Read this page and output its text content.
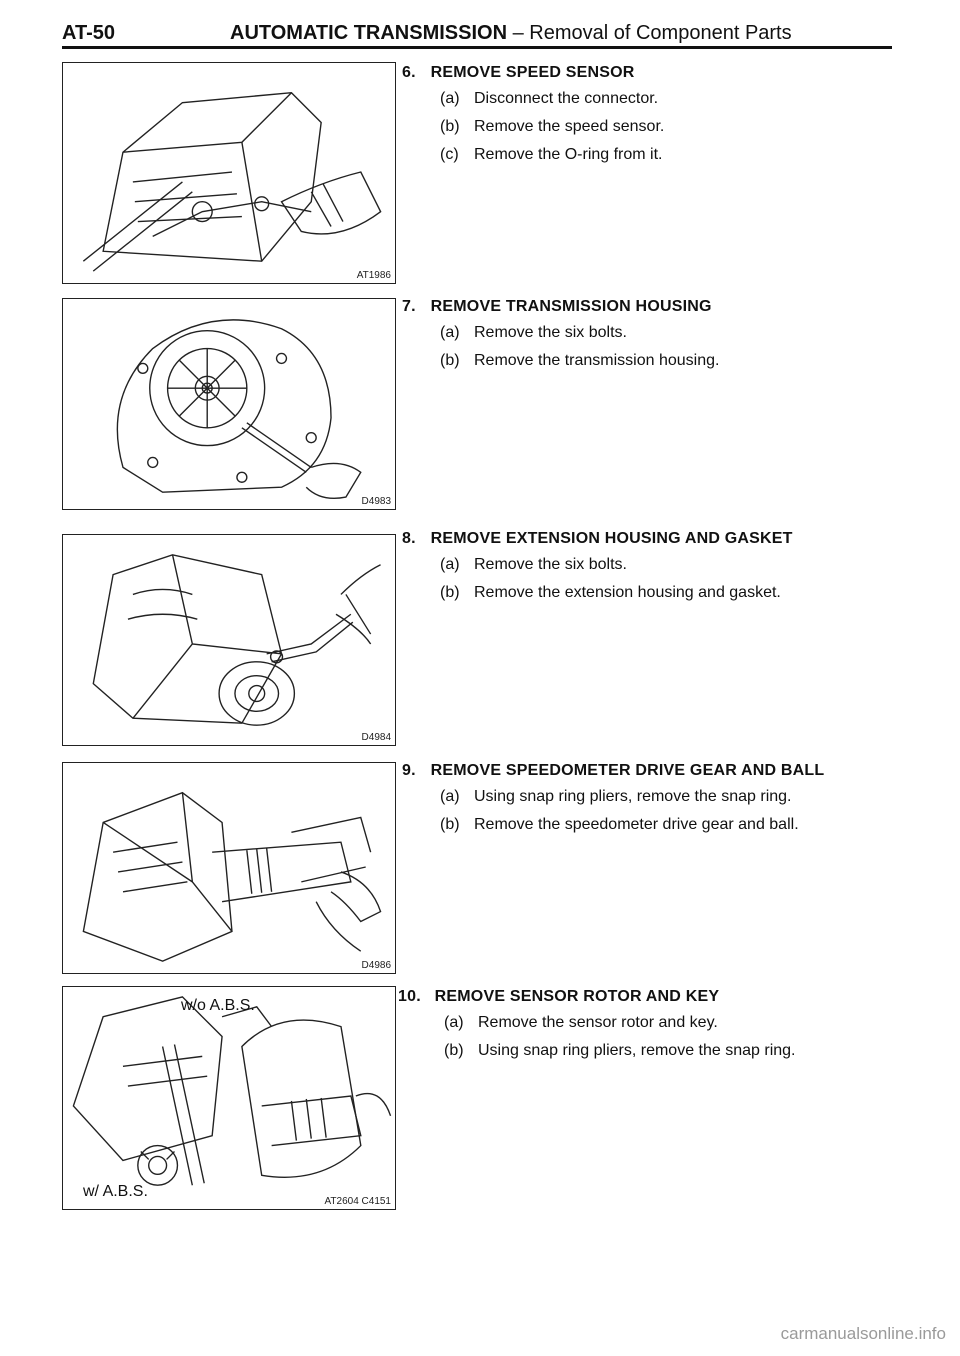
AT-50	AUTOMATIC TRANSMISSION – Removal of Component Parts
AT1986
D4983
D4984
D4986
w/o A.B.S.
w/ A.B.S.
AT2604 C4151
6. REMOVE SPEED SENSOR
(a) Disconnect the connector.
(b) Remove the speed sensor.
(c) Remove the O-ring from it.
7. REMOVE TRANSMISSION HOUSING
(a) Remove the six bolts.
(b) Remove the transmission housing.
8. REMOVE EXTENSION HOUSING AND GASKET
(a) Remove the six bolts.
(b) Remove the extension housing and gasket.
9. REMOVE SPEEDOMETER DRIVE GEAR AND BALL
(a) Using snap ring pliers, remove the snap ring.
(b) Remove the speedometer drive gear and ball.
10. REMOVE SENSOR ROTOR AND KEY
(a) Remove the sensor rotor and key.
(b) Using snap ring pliers, remove the snap ring.
carmanualsonline.info
